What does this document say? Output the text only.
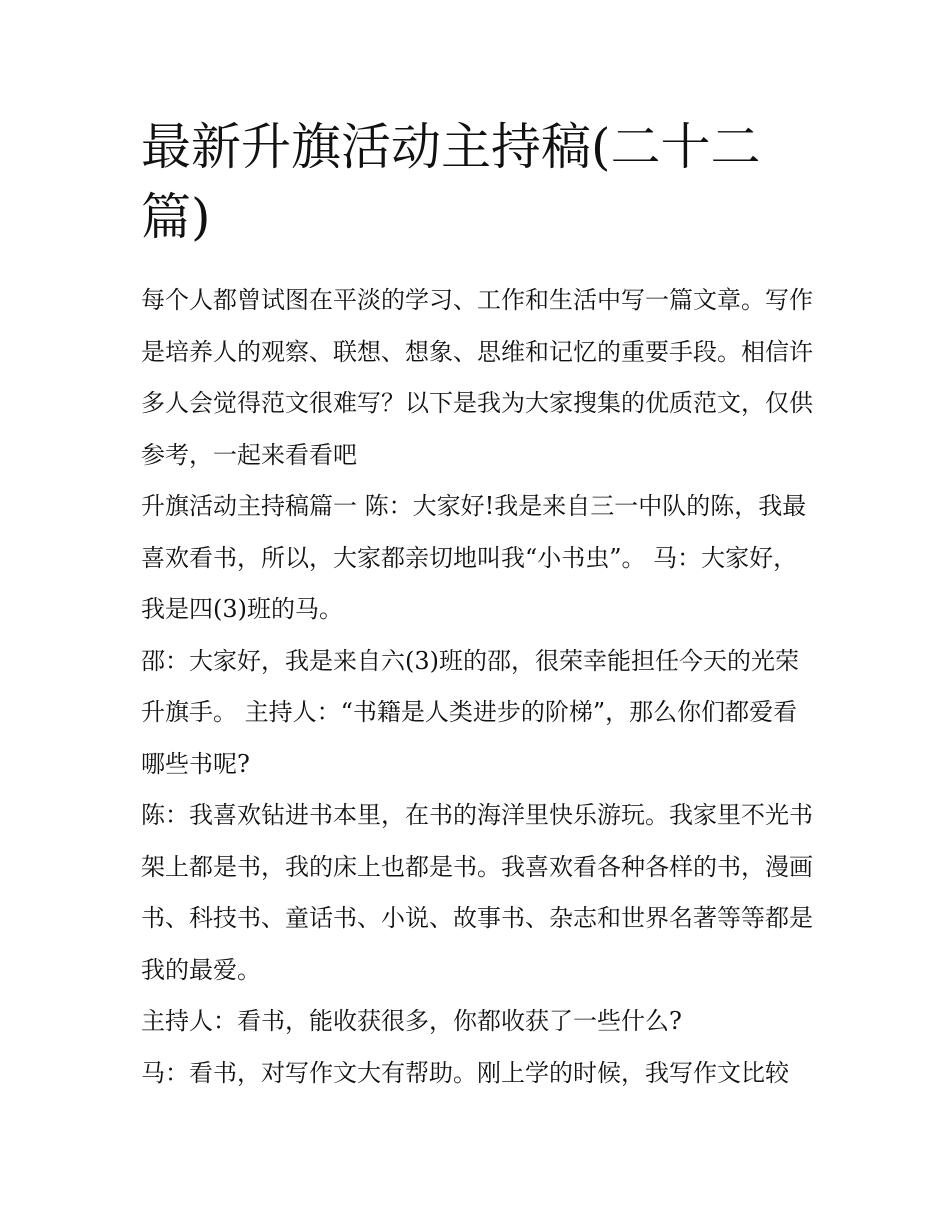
最新升旗活动主持稿(二十二篇)

每个人都曾试图在平淡的学习、工作和生活中写一篇文章。写作是培养人的观察、联想、想象、思维和记忆的重要手段。相信许多人会觉得范文很难写？以下是我为大家搜集的优质范文，仅供参考，一起来看看吧

升旗活动主持稿篇一 陈：大家好!我是来自三一中队的陈，我最喜欢看书，所以，大家都亲切地叫我“小书虫”。 马：大家好，我是四(3)班的马。

邵：大家好，我是来自六(3)班的邵，很荣幸能担任今天的光荣升旗手。 主持人：“书籍是人类进步的阶梯”，那么你们都爱看哪些书呢?

陈：我喜欢钻进书本里，在书的海洋里快乐游玩。我家里不光书架上都是书，我的床上也都是书。我喜欢看各种各样的书，漫画书、科技书、童话书、小说、故事书、杂志和世界名著等等都是我的最爱。

主持人：看书，能收获很多，你都收获了一些什么?

马：看书，对写作文大有帮助。刚上学的时候，我写作文比较
